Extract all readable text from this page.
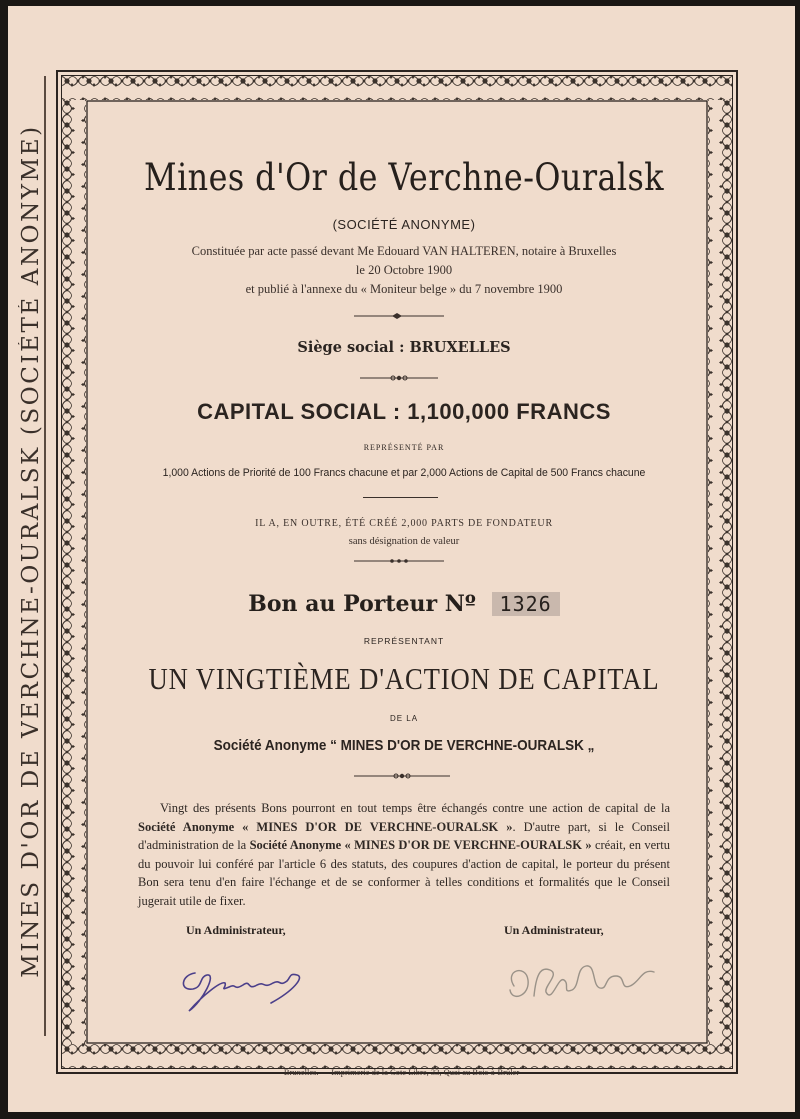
MINES D'OR DE VERCHNE-OURALSK (SOCIÉTÉ ANONYME)	Mines d'Or de Verchne-Ouralsk
(SOCIÉTÉ ANONYME)
Constituée par acte passé devant Me Edouard VAN HALTEREN, notaire à Bruxelles
le 20 Octobre 1900
et publié à l'annexe du « Moniteur belge » du 7 novembre 1900
Siège social : BRUXELLES
CAPITAL SOCIAL : 1,100,000 FRANCS
REPRÉSENTÉ PAR
1,000 Actions de Priorité de 100 Francs chacune et par 2,000 Actions de Capital de 500 Francs chacune
IL A, EN OUTRE, ÉTÉ CRÉÉ 2,000 PARTS DE FONDATEUR
sans désignation de valeur
Bon au Porteur Nº 1326
REPRÉSENTANT
UN VINGTIÈME D'ACTION DE CAPITAL
DE LA
Société Anonyme “ MINES D'OR DE VERCHNE-OURALSK „
Vingt des présents Bons pourront en tout temps être échangés contre une action de capital de la Société Anonyme « MINES D'OR DE VERCHNE-OURALSK ». D'autre part, si le Conseil d'administration de la Société Anonyme « MINES D'OR DE VERCHNE-OURALSK » créait, en vertu du pouvoir lui conféré par l'article 6 des statuts, des coupures d'action de capital, le porteur du présent Bon sera tenu d'en faire l'échange et de se conformer à telles conditions et formalités que le Conseil jugerait utile de fixer.
Un Administrateur,	Un Administrateur,
Bruxelles. — Imprimerie de la Cote Libre, 33, Quai au Bois-à-Brûler
